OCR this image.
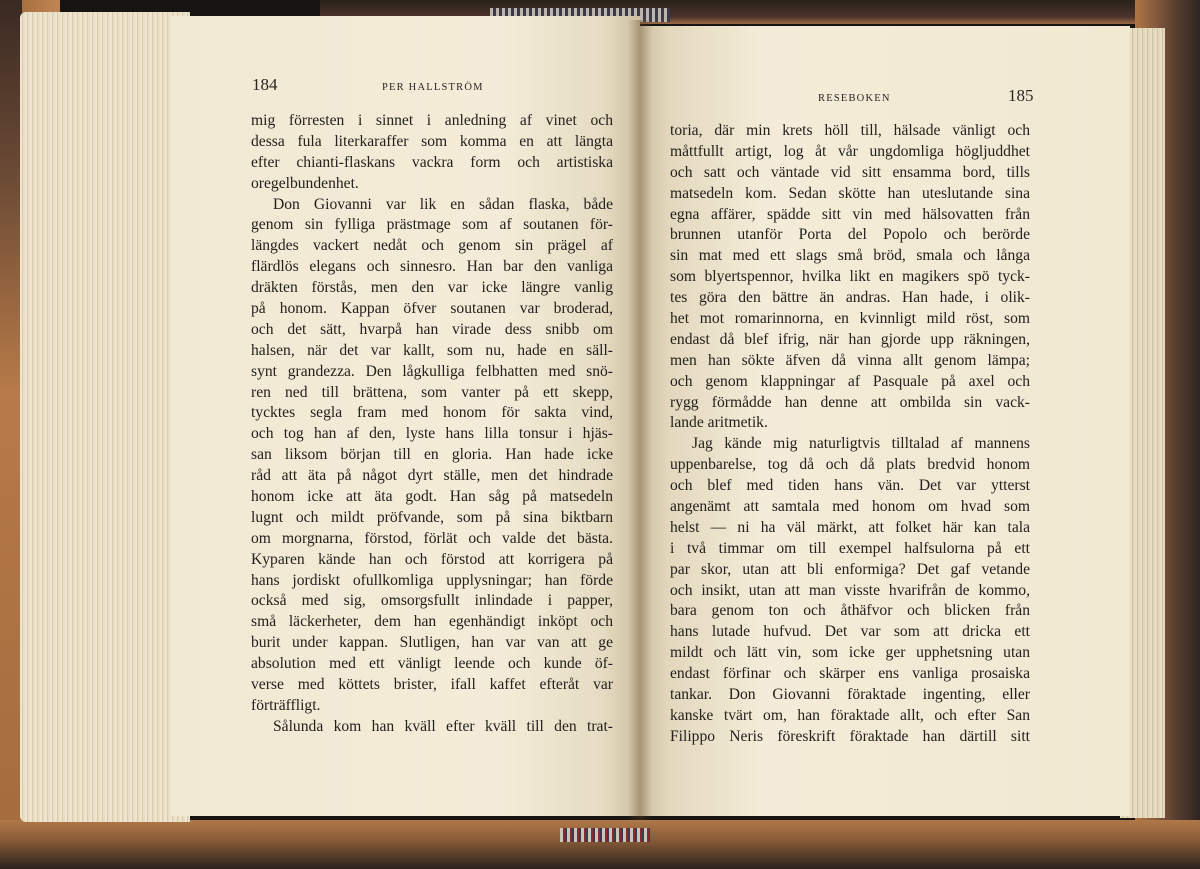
184	PER HALLSTRÖM
RESEBOKEN	185
mig förresten i sinnet i anledning af vinet och
dessa fula literkaraffer som komma en att längta
efter chianti-flaskans vackra form och artistiska
oregelbundenhet.
Don Giovanni var lik en sådan flaska, både
genom sin fylliga prästmage som af soutanen för-
längdes vackert nedåt och genom sin prägel af
flärdlös elegans och sinnesro. Han bar den vanliga
dräkten förstås, men den var icke längre vanlig
på honom. Kappan öfver soutanen var broderad,
och det sätt, hvarpå han virade dess snibb om
halsen, när det var kallt, som nu, hade en säll-
synt grandezza. Den lågkulliga felbhatten med snö-
ren ned till brättena, som vanter på ett skepp,
tycktes segla fram med honom för sakta vind,
och tog han af den, lyste hans lilla tonsur i hjäs-
san liksom början till en gloria. Han hade icke
råd att äta på något dyrt ställe, men det hindrade
honom icke att äta godt. Han såg på matsedeln
lugnt och mildt pröfvande, som på sina biktbarn
om morgnarna, förstod, förlät och valde det bästa.
Kyparen kände han och förstod att korrigera på
hans jordiskt ofullkomliga upplysningar; han förde
också med sig, omsorgsfullt inlindade i papper,
små läckerheter, dem han egenhändigt inköpt och
burit under kappan. Slutligen, han var van att ge
absolution med ett vänligt leende och kunde öf-
verse med köttets brister, ifall kaffet efteråt var
förträffligt.
Sålunda kom han kväll efter kväll till den trat-
toria, där min krets höll till, hälsade vänligt och
måttfullt artigt, log åt vår ungdomliga högljuddhet
och satt och väntade vid sitt ensamma bord, tills
matsedeln kom. Sedan skötte han uteslutande sina
egna affärer, spädde sitt vin med hälsovatten från
brunnen utanför Porta del Popolo och berörde
sin mat med ett slags små bröd, smala och långa
som blyertspennor, hvilka likt en magikers spö tyck-
tes göra den bättre än andras. Han hade, i olik-
het mot romarinnorna, en kvinnligt mild röst, som
endast då blef ifrig, när han gjorde upp räkningen,
men han sökte äfven då vinna allt genom lämpa;
och genom klappningar af Pasquale på axel och
rygg förmådde han denne att ombilda sin vack-
lande aritmetik.
Jag kände mig naturligtvis tilltalad af mannens
uppenbarelse, tog då och då plats bredvid honom
och blef med tiden hans vän. Det var ytterst
angenämt att samtala med honom om hvad som
helst — ni ha väl märkt, att folket här kan tala
i två timmar om till exempel halfsulorna på ett
par skor, utan att bli enformiga? Det gaf vetande
och insikt, utan att man visste hvarifrån de kommo,
bara genom ton och åthäfvor och blicken från
hans lutade hufvud. Det var som att dricka ett
mildt och lätt vin, som icke ger upphetsning utan
endast förfinar och skärper ens vanliga prosaiska
tankar. Don Giovanni föraktade ingenting, eller
kanske tvärt om, han föraktade allt, och efter San
Filippo Neris föreskrift föraktade han därtill sitt
